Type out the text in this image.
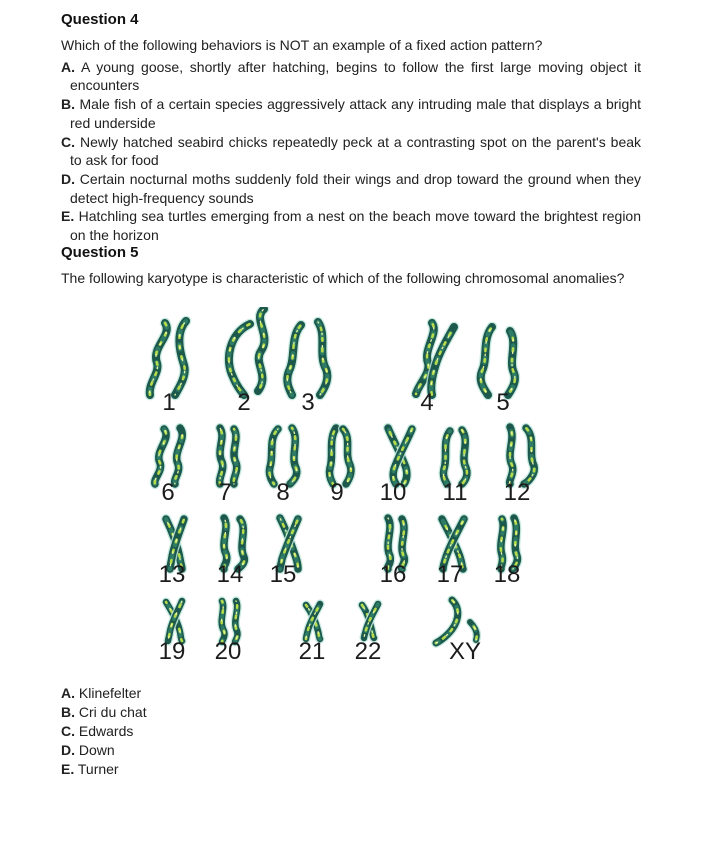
Question 4

Which of the following behaviors is NOT an example of a fixed action pattern?

A. A young goose, shortly after hatching, begins to follow the first large moving object it encounters

B. Male fish of a certain species aggressively attack any intruding male that displays a bright red underside

C. Newly hatched seabird chicks repeatedly peck at a contrasting spot on the parent's beak to ask for food

D. Certain nocturnal moths suddenly fold their wings and drop toward the ground when they detect high-frequency sounds

E. Hatchling sea turtles emerging from a nest on the beach move toward the brightest region on the horizon

Question 5

The following karyotype is characteristic of which of the following chromosomal anomalies?

1	2 3	4	5
6 7 8 9 10 11 12
13 14 15	16 17 18
19 20 21 22	XY

A. Klinefelter

B. Cri du chat

C. Edwards

D. Down

E. Turner
